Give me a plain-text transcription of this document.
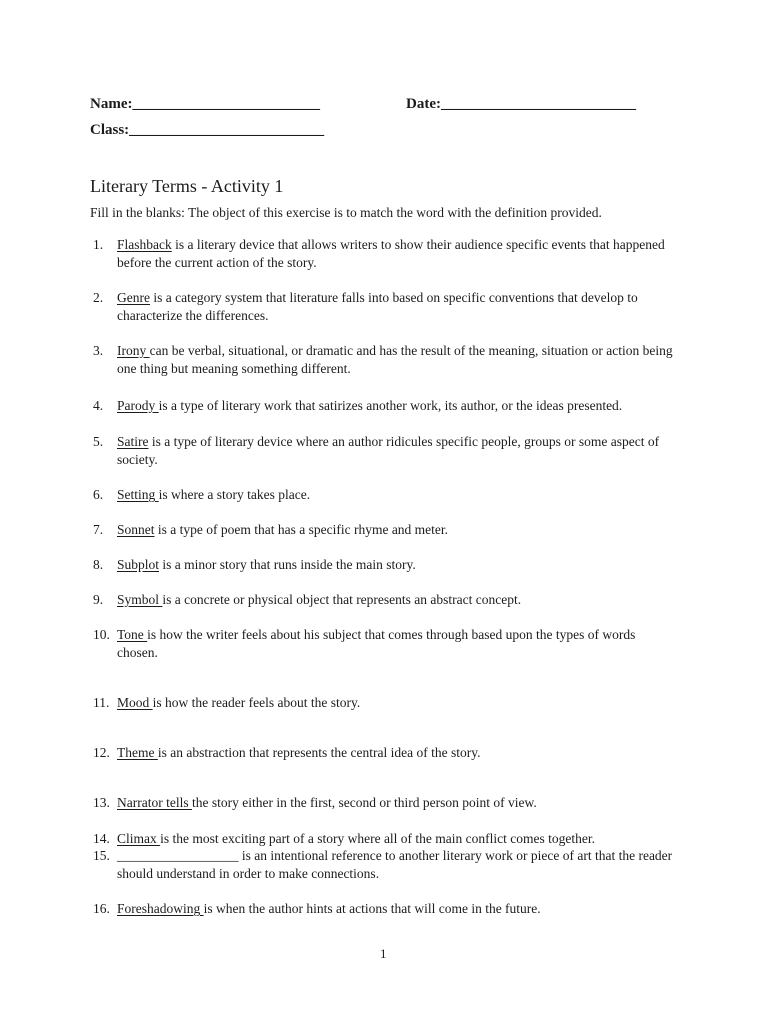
Name:_________________________	Date:__________________________
Class:__________________________
Literary Terms - Activity 1
Fill in the blanks: The object of this exercise is to match the word with the definition provided.
1. Flashback is a literary device that allows writers to show their audience specific events that happened before the current action of the story.
2. Genre is a category system that literature falls into based on specific conventions that develop to characterize the differences.
3. Irony can be verbal, situational, or dramatic and has the result of the meaning, situation or action being one thing but meaning something different.
4. Parody is a type of literary work that satirizes another work, its author, or the ideas presented.
5. Satire is a type of literary device where an author ridicules specific people, groups or some aspect of society.
6. Setting is where a story takes place.
7. Sonnet is a type of poem that has a specific rhyme and meter.
8. Subplot is a minor story that runs inside the main story.
9. Symbol is a concrete or physical object that represents an abstract concept.
10. Tone is how the writer feels about his subject that comes through based upon the types of words chosen.
11. Mood is how the reader feels about the story.
12. Theme is an abstraction that represents the central idea of the story.
13. Narrator tells the story either in the first, second or third person point of view.
14. Climax is the most exciting part of a story where all of the main conflict comes together.
15. __________________ is an intentional reference to another literary work or piece of art that the reader should understand in order to make connections.
16. Foreshadowing is when the author hints at actions that will come in the future.
1
